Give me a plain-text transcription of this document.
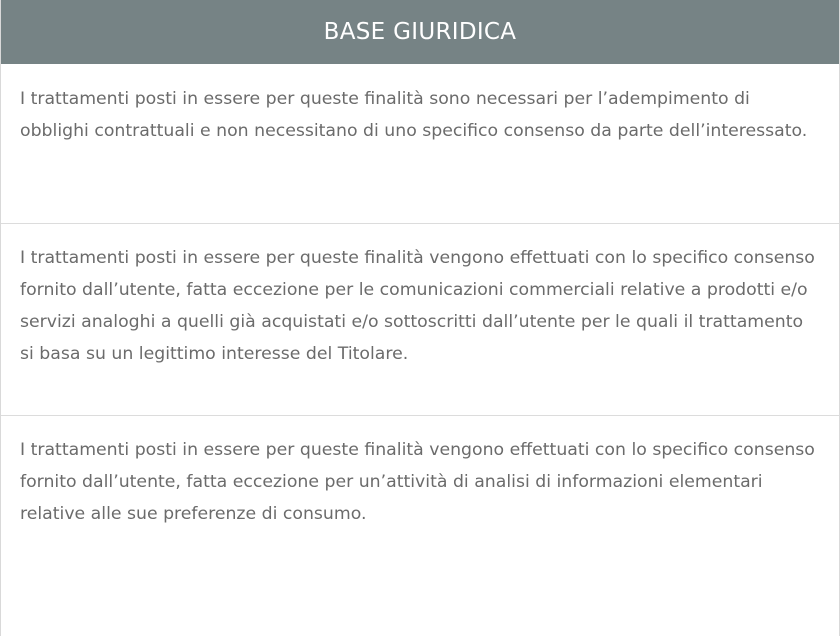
BASE GIURIDICA

I trattamenti posti in essere per queste finalità sono necessari per l’adempimento di obblighi contrattuali e non necessitano di uno specifico consenso da parte dell’interessato.

I trattamenti posti in essere per queste finalità vengono effettuati con lo specifico consenso fornito dall’utente, fatta eccezione per le comunicazioni commerciali relative a prodotti e/o servizi analoghi a quelli già acquistati e/o sottoscritti dall’utente per le quali il trattamento si basa su un legittimo interesse del Titolare.

I trattamenti posti in essere per queste finalità vengono effettuati con lo specifico consenso fornito dall’utente, fatta eccezione per un’attività di analisi di informazioni elementari relative alle sue preferenze di consumo.
